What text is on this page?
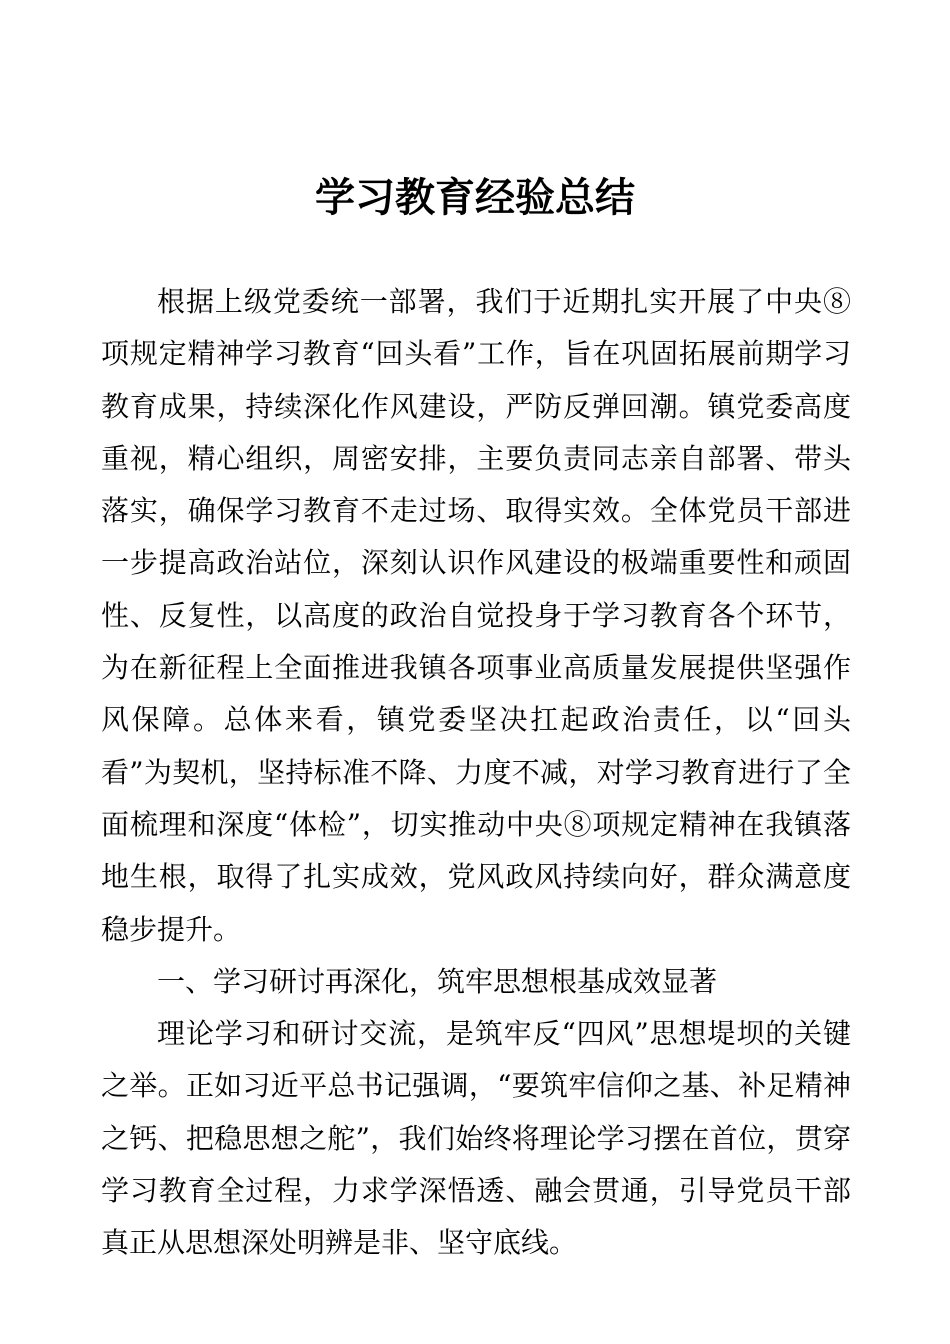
学习教育经验总结

根据上级党委统一部署，我们于近期扎实开展了中央⑧项规定精神学习教育“回头看”工作，旨在巩固拓展前期学习教育成果，持续深化作风建设，严防反弹回潮。镇党委高度重视，精心组织，周密安排，主要负责同志亲自部署、带头落实，确保学习教育不走过场、取得实效。全体党员干部进一步提高政治站位，深刻认识作风建设的极端重要性和顽固性、反复性，以高度的政治自觉投身于学习教育各个环节，为在新征程上全面推进我镇各项事业高质量发展提供坚强作风保障。总体来看，镇党委坚决扛起政治责任，以“回头看”为契机，坚持标准不降、力度不减，对学习教育进行了全面梳理和深度“体检”，切实推动中央⑧项规定精神在我镇落地生根，取得了扎实成效，党风政风持续向好，群众满意度稳步提升。

一、学习研讨再深化，筑牢思想根基成效显著

理论学习和研讨交流，是筑牢反“四风”思想堤坝的关键之举。正如习近平总书记强调，“要筑牢信仰之基、补足精神之钙、把稳思想之舵”，我们始终将理论学习摆在首位，贯穿学习教育全过程，力求学深悟透、融会贯通，引导党员干部真正从思想深处明辨是非、坚守底线。
